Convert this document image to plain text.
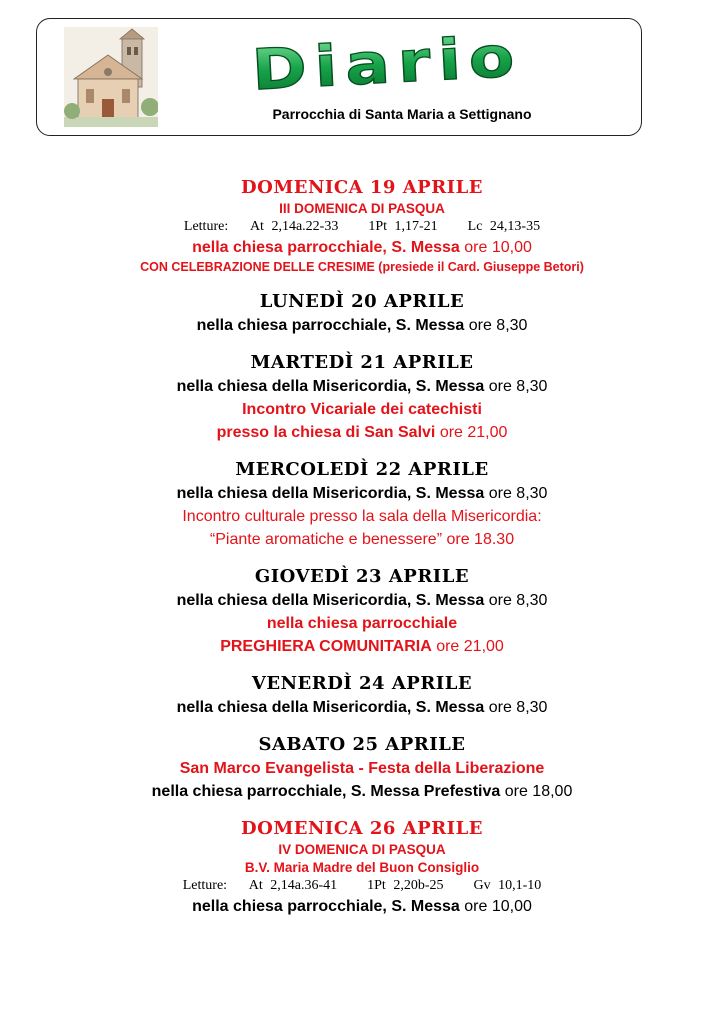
Diario
Parrocchia di Santa Maria a Settignano
DOMENICA 19 APRILE
III DOMENICA DI PASQUA
Letture:   At 2,14a.22-33    1Pt 1,17-21    Lc 24,13-35
nella chiesa parrocchiale, S. Messa ore 10,00
CON CELEBRAZIONE DELLE CRESIME (presiede il Card. Giuseppe Betori)
LUNEDÌ 20 APRILE
nella chiesa parrocchiale, S. Messa ore 8,30
MARTEDÌ 21 APRILE
nella chiesa della Misericordia, S. Messa ore 8,30
Incontro Vicariale dei catechisti
presso la chiesa di San Salvi ore 21,00
MERCOLEDÌ 22 APRILE
nella chiesa della Misericordia, S. Messa ore 8,30
Incontro culturale presso la sala della Misericordia:
“Piante aromatiche e benessere” ore 18.30
GIOVEDÌ 23 APRILE
nella chiesa della Misericordia, S. Messa ore 8,30
nella chiesa parrocchiale
PREGHIERA COMUNITARIA ore 21,00
VENERDÌ 24 APRILE
nella chiesa della Misericordia, S. Messa ore 8,30
SABATO 25 APRILE
San Marco Evangelista - Festa della Liberazione
nella chiesa parrocchiale, S. Messa Prefestiva ore 18,00
DOMENICA 26 APRILE
IV DOMENICA DI PASQUA
B.V. Maria Madre del Buon Consiglio
Letture:   At 2,14a.36-41    1Pt 2,20b-25    Gv 10,1-10
nella chiesa parrocchiale, S. Messa ore 10,00
